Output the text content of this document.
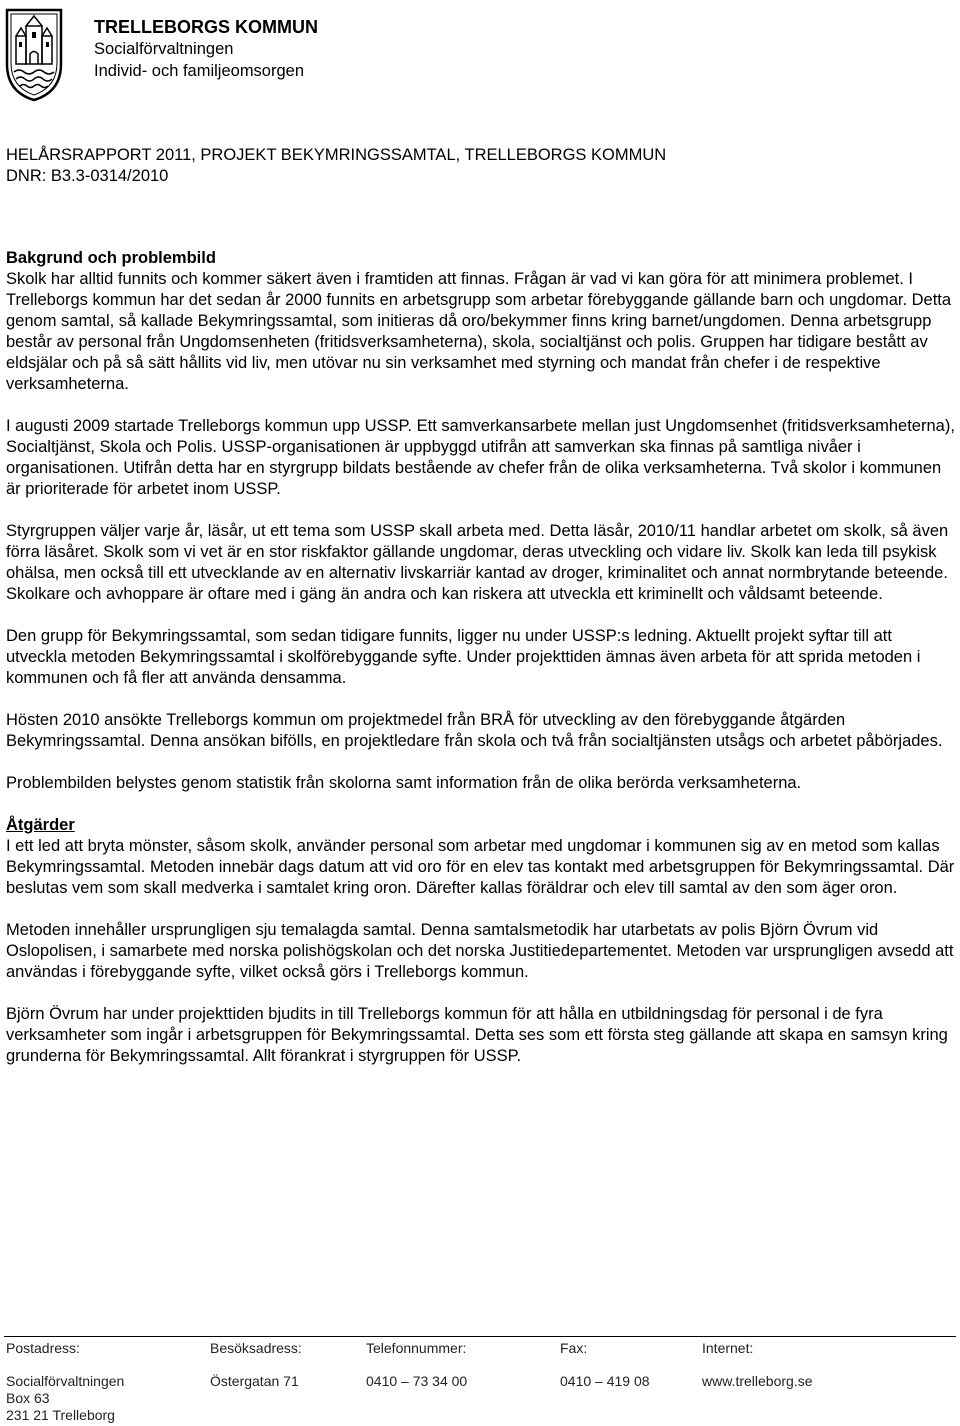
TRELLEBORGS KOMMUN
Socialförvaltningen
Individ- och familjeomsorgen
HELÅRSRAPPORT 2011, PROJEKT BEKYMRINGSSAMTAL, TRELLEBORGS KOMMUN
DNR: B3.3-0314/2010
Bakgrund och problembild

Skolk har alltid funnits och kommer säkert även i framtiden att finnas. Frågan är vad vi kan göra för att minimera problemet. I Trelleborgs kommun har det sedan år 2000 funnits en arbetsgrupp som arbetar förebyggande gällande barn och ungdomar. Detta genom samtal, så kallade Bekymringssamtal, som initieras då oro/bekymmer finns kring barnet/ungdomen. Denna arbetsgrupp består av personal från Ungdomsenheten (fritidsverksamheterna), skola, socialtjänst och polis. Gruppen har tidigare bestått av eldsjälar och på så sätt hållits vid liv, men utövar nu sin verksamhet med styrning och mandat från chefer i de respektive verksamheterna.

I augusti 2009 startade Trelleborgs kommun upp USSP. Ett samverkansarbete mellan just Ungdomsenhet (fritidsverksamheterna), Socialtjänst, Skola och Polis. USSP-organisationen är uppbyggd utifrån att samverkan ska finnas på samtliga nivåer i organisationen. Utifrån detta har en styrgrupp bildats bestående av chefer från de olika verksamheterna. Två skolor i kommunen är prioriterade för arbetet inom USSP.

Styrgruppen väljer varje år, läsår, ut ett tema som USSP skall arbeta med. Detta läsår, 2010/11 handlar arbetet om skolk, så även förra läsåret. Skolk som vi vet är en stor riskfaktor gällande ungdomar, deras utveckling och vidare liv. Skolk kan leda till psykisk ohälsa, men också till ett utvecklande av en alternativ livskarriär kantad av droger, kriminalitet och annat normbrytande beteende. Skolkare och avhoppare är oftare med i gäng än andra och kan riskera att utveckla ett kriminellt och våldsamt beteende.

Den grupp för Bekymringssamtal, som sedan tidigare funnits, ligger nu under USSP:s ledning. Aktuellt projekt syftar till att utveckla metoden Bekymringssamtal i skolförebyggande syfte. Under projekttiden ämnas även arbeta för att sprida metoden i kommunen och få fler att använda densamma.

Hösten 2010 ansökte Trelleborgs kommun om projektmedel från BRÅ för utveckling av den förebyggande åtgärden Bekymringssamtal. Denna ansökan bifölls, en projektledare från skola och två från socialtjänsten utsågs och arbetet påbörjades.

Problembilden belystes genom statistik från skolorna samt information från de olika berörda verksamheterna.

Åtgärder

I ett led att bryta mönster, såsom skolk, använder personal som arbetar med ungdomar i kommunen sig av en metod som kallas Bekymringssamtal. Metoden innebär dags datum att vid oro för en elev tas kontakt med arbetsgruppen för Bekymringssamtal. Där beslutas vem som skall medverka i samtalet kring oron. Därefter kallas föräldrar och elev till samtal av den som äger oron.

Metoden innehåller ursprungligen sju temalagda samtal. Denna samtalsmetodik har utarbetats av polis Björn Övrum vid Oslopolisen, i samarbete med norska polishögskolan och det norska Justitiedepartementet. Metoden var ursprungligen avsedd att användas i förebyggande syfte, vilket också görs i Trelleborgs kommun.

Björn Övrum har under projekttiden bjudits in till Trelleborgs kommun för att hålla en utbildningsdag för personal i de fyra verksamheter som ingår i arbetsgruppen för Bekymringssamtal. Detta ses som ett första steg gällande att skapa en samsyn kring grunderna för Bekymringssamtal. Allt förankrat i styrgruppen för USSP.

Postadress:
Socialförvaltningen
Box 63
231 21 Trelleborg
Besöksadress:
Östergatan 71
Telefonnummer:
0410 – 73 34 00
Fax:
0410 – 419 08
Internet:
www.trelleborg.se
